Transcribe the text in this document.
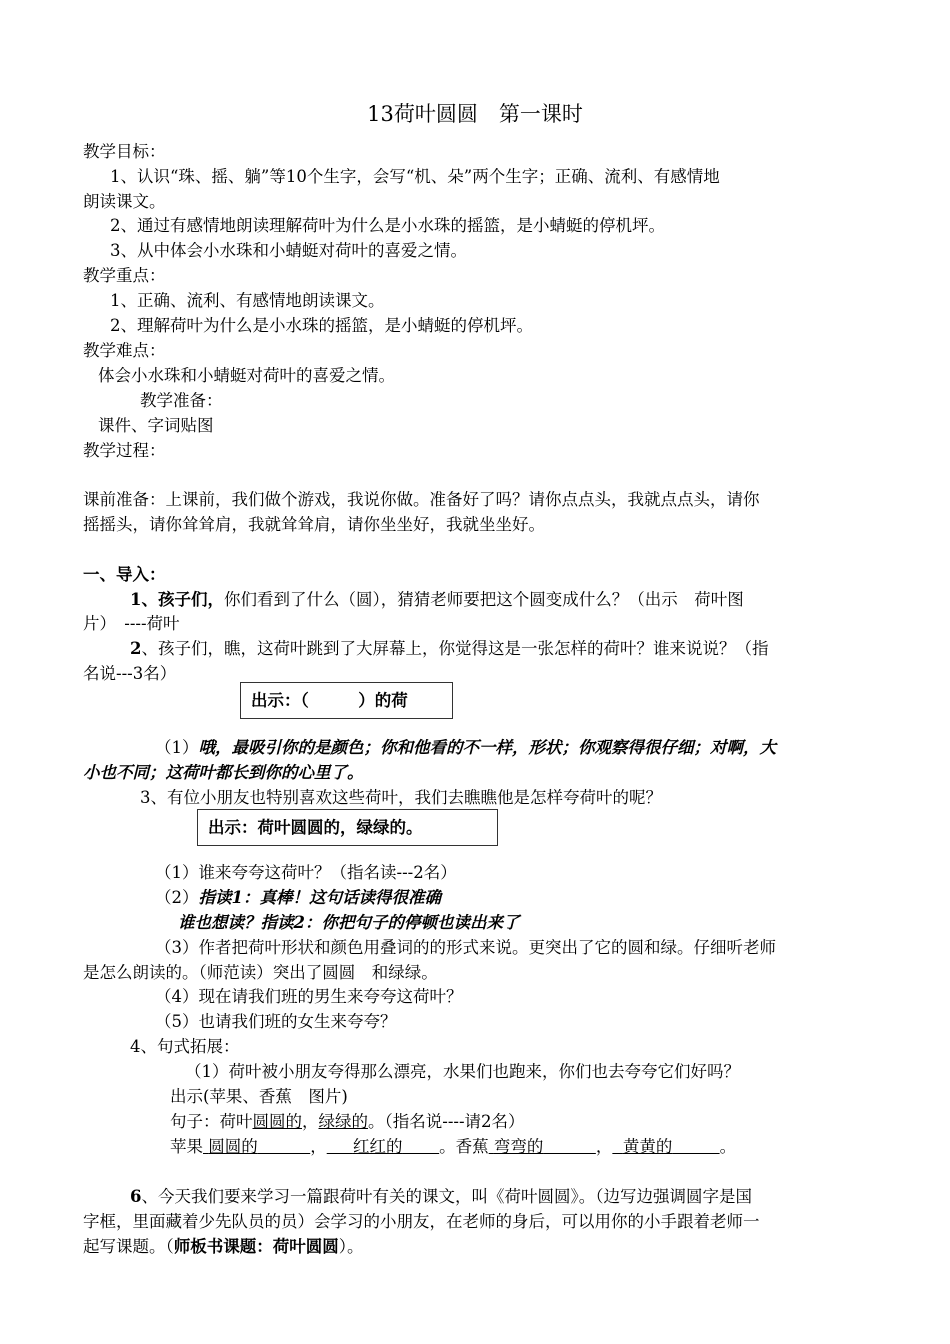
13荷叶圆圆　第一课时

教学目标：

1、认识“珠、摇、躺”等10个生字，会写“机、朵”两个生字；正确、流利、有感情地

朗读课文。

2、通过有感情地朗读理解荷叶为什么是小水珠的摇篮，是小蜻蜓的停机坪。

3、从中体会小水珠和小蜻蜓对荷叶的喜爱之情。

教学重点：

1、正确、流利、有感情地朗读课文。

2、理解荷叶为什么是小水珠的摇篮，是小蜻蜓的停机坪。

教学难点：

体会小水珠和小蜻蜓对荷叶的喜爱之情。

教学准备：

课件、字词贴图

教学过程：

课前准备：上课前，我们做个游戏，我说你做。准备好了吗？请你点点头，我就点点头，请你

摇摇头，请你耸耸肩，我就耸耸肩，请你坐坐好，我就坐坐好。

一、导入：

1、孩子们，你们看到了什么（圆），猜猜老师要把这个圆变成什么？（出示　荷叶图

片）　----荷叶

2、孩子们，瞧，这荷叶跳到了大屏幕上，你觉得这是一张怎样的荷叶？谁来说说？（指

名说---3名）

出示：（　　　）的荷

（1）哦，最吸引你的是颜色；你和他看的不一样，形状；你观察得很仔细；对啊，大

小也不同；这荷叶都长到你的心里了。

3、有位小朋友也特别喜欢这些荷叶，我们去瞧瞧他是怎样夸荷叶的呢？

出示：荷叶圆圆的，绿绿的。

（1）谁来夸夸这荷叶？（指名读---2名）

（2）指读1：真棒！这句话读得很准确

谁也想读？指读2：你把句子的停顿也读出来了

（3）作者把荷叶形状和颜色用叠词的的形式来说。更突出了它的圆和绿。仔细听老师

是怎么朗读的。（师范读）突出了圆圆　和绿绿。

（4）现在请我们班的男生来夸夸这荷叶？

（5）也请我们班的女生来夸夸？

4、句式拓展：

（1）荷叶被小朋友夸得那么漂亮，水果们也跑来，你们也去夸夸它们好吗？

出示(苹果、香蕉　图片)

句子：荷叶圆圆的，绿绿的。（指名说----请2名）

苹果 圆圆的	， 红红的 。香蕉 弯弯的	， 黄黄的	。

6、今天我们要来学习一篇跟荷叶有关的课文，叫《荷叶圆圆》。（边写边强调圆字是国

字框，里面藏着少先队员的员）会学习的小朋友，在老师的身后，可以用你的小手跟着老师一

起写课题。（师板书课题：荷叶圆圆）。
